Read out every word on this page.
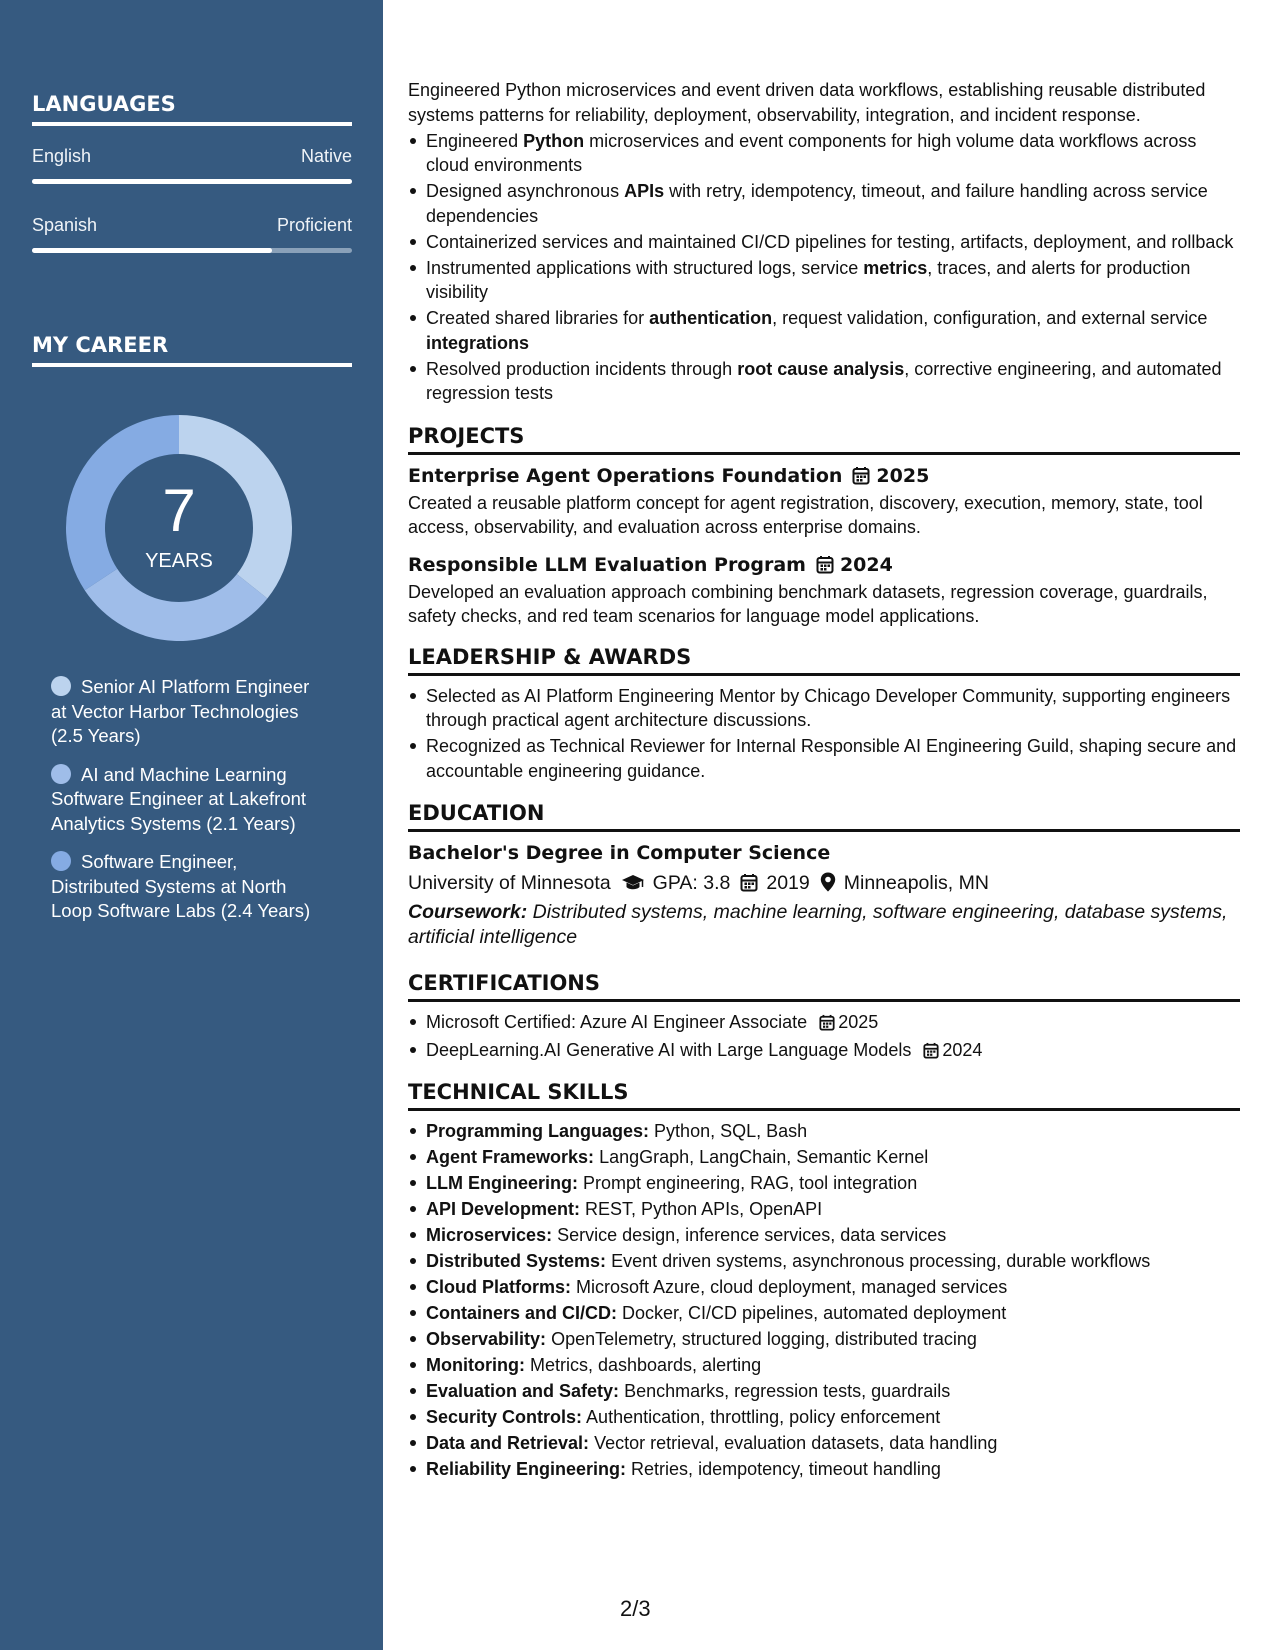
LANGUAGES
English	Native
Spanish	Proficient
MY CAREER
7
YEARS
Senior AI Platform Engineer at Vector Harbor Technologies (2.5 Years)
AI and Machine Learning Software Engineer at Lakefront Analytics Systems (2.1 Years)
Software Engineer, Distributed Systems at North Loop Software Labs (2.4 Years)
Engineered Python microservices and event driven data workflows, establishing reusable distributed systems patterns for reliability, deployment, observability, integration, and incident response.
Engineered Python microservices and event components for high volume data workflows across cloud environments
Designed asynchronous APIs with retry, idempotency, timeout, and failure handling across service dependencies
Containerized services and maintained CI/CD pipelines for testing, artifacts, deployment, and rollback
Instrumented applications with structured logs, service metrics, traces, and alerts for production visibility
Created shared libraries for authentication, request validation, configuration, and external service integrations
Resolved production incidents through root cause analysis, corrective engineering, and automated regression tests
PROJECTS
Enterprise Agent Operations Foundation 2025
Created a reusable platform concept for agent registration, discovery, execution, memory, state, tool access, observability, and evaluation across enterprise domains.
Responsible LLM Evaluation Program 2024
Developed an evaluation approach combining benchmark datasets, regression coverage, guardrails, safety checks, and red team scenarios for language model applications.
LEADERSHIP & AWARDS
Selected as AI Platform Engineering Mentor by Chicago Developer Community, supporting engineers through practical agent architecture discussions.
Recognized as Technical Reviewer for Internal Responsible AI Engineering Guild, shaping secure and accountable engineering guidance.
EDUCATION
Bachelor's Degree in Computer Science
University of Minnesota GPA: 3.8 2019 Minneapolis, MN
Coursework: Distributed systems, machine learning, software engineering, database systems, artificial intelligence
CERTIFICATIONS
Microsoft Certified: Azure AI Engineer Associate 2025
DeepLearning.AI Generative AI with Large Language Models 2024
TECHNICAL SKILLS
Programming Languages: Python, SQL, Bash
Agent Frameworks: LangGraph, LangChain, Semantic Kernel
LLM Engineering: Prompt engineering, RAG, tool integration
API Development: REST, Python APIs, OpenAPI
Microservices: Service design, inference services, data services
Distributed Systems: Event driven systems, asynchronous processing, durable workflows
Cloud Platforms: Microsoft Azure, cloud deployment, managed services
Containers and CI/CD: Docker, CI/CD pipelines, automated deployment
Observability: OpenTelemetry, structured logging, distributed tracing
Monitoring: Metrics, dashboards, alerting
Evaluation and Safety: Benchmarks, regression tests, guardrails
Security Controls: Authentication, throttling, policy enforcement
Data and Retrieval: Vector retrieval, evaluation datasets, data handling
Reliability Engineering: Retries, idempotency, timeout handling
2/3
